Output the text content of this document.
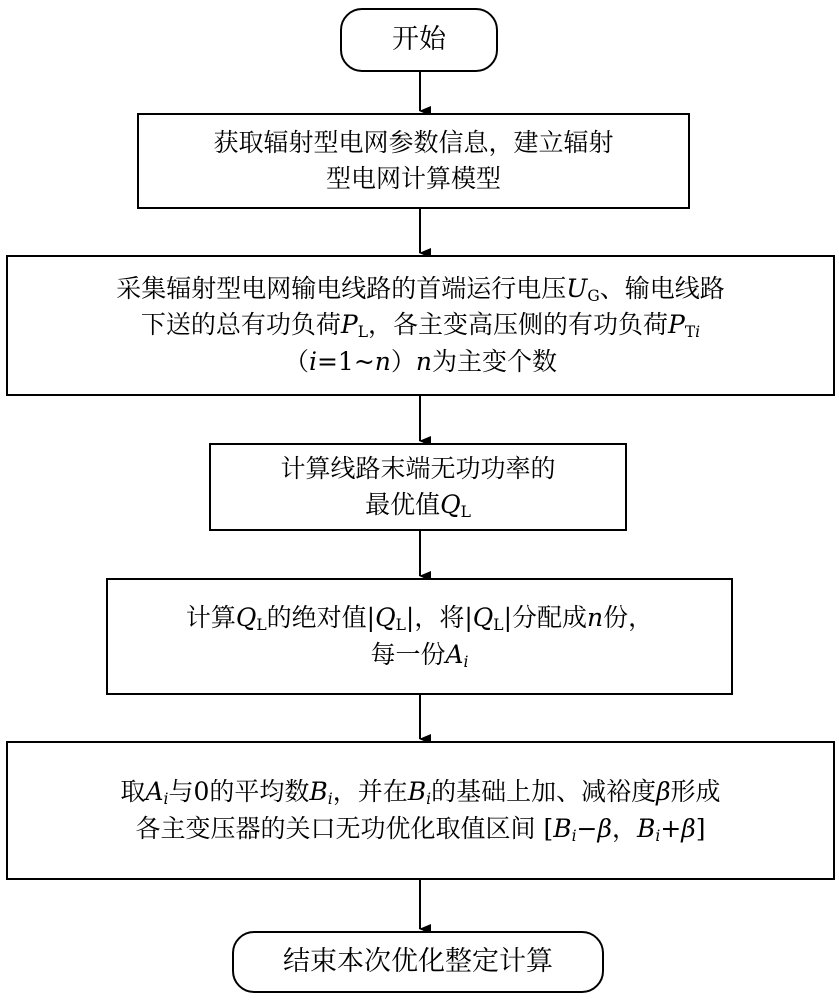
开始
获取辐射型电网参数信息，建立辐射
型电网计算模型
采集辐射型电网输电线路的首端运行电压$U_G$、输电线路
下送的总有功负荷$P_L$，各主变高压侧的有功负荷$P_{Ti}$
（i=1~n）n为主变个数
计算线路末端无功功率的
最优值$Q_L$
计算$Q_L$的绝对值$|Q_L|$，将$|Q_L|$分配成n份，
每一份$A_i$
取$A_i$与0的平均数$B_i$，并在$B_i$的基础上加、减裕度β形成
各主变压器的关口无功优化取值区间 [$B_i-\beta$，$B_i+\beta$]
结束本次优化整定计算
